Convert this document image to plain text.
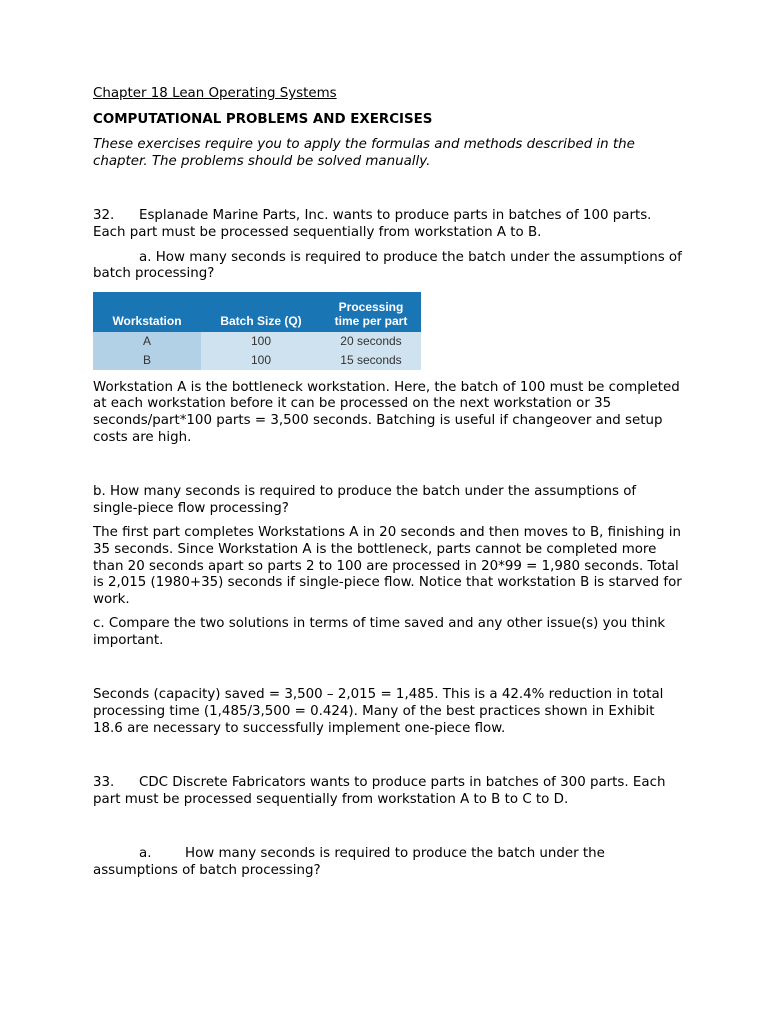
Chapter 18 Lean Operating Systems

COMPUTATIONAL PROBLEMS AND EXERCISES

These exercises require you to apply the formulas and methods described in the chapter. The problems should be solved manually.

32. Esplanade Marine Parts, Inc. wants to produce parts in batches of 100 parts. Each part must be processed sequentially from workstation A to B.

a. How many seconds is required to produce the batch under the assumptions of batch processing?

Workstation	Batch Size (Q)	Processing time per part
A	100	20 seconds
B	100	15 seconds

Workstation A is the bottleneck workstation. Here, the batch of 100 must be completed at each workstation before it can be processed on the next workstation or 35 seconds/part*100 parts = 3,500 seconds. Batching is useful if changeover and setup costs are high.

b. How many seconds is required to produce the batch under the assumptions of single-piece flow processing?

The first part completes Workstations A in 20 seconds and then moves to B, finishing in 35 seconds. Since Workstation A is the bottleneck, parts cannot be completed more than 20 seconds apart so parts 2 to 100 are processed in 20*99 = 1,980 seconds. Total is 2,015 (1980+35) seconds if single-piece flow. Notice that workstation B is starved for work.

c. Compare the two solutions in terms of time saved and any other issue(s) you think important.

Seconds (capacity) saved = 3,500 – 2,015 = 1,485. This is a 42.4% reduction in total processing time (1,485/3,500 = 0.424). Many of the best practices shown in Exhibit 18.6 are necessary to successfully implement one-piece flow.

33. CDC Discrete Fabricators wants to produce parts in batches of 300 parts. Each part must be processed sequentially from workstation A to B to C to D.

a.	How many seconds is required to produce the batch under the assumptions of batch processing?
